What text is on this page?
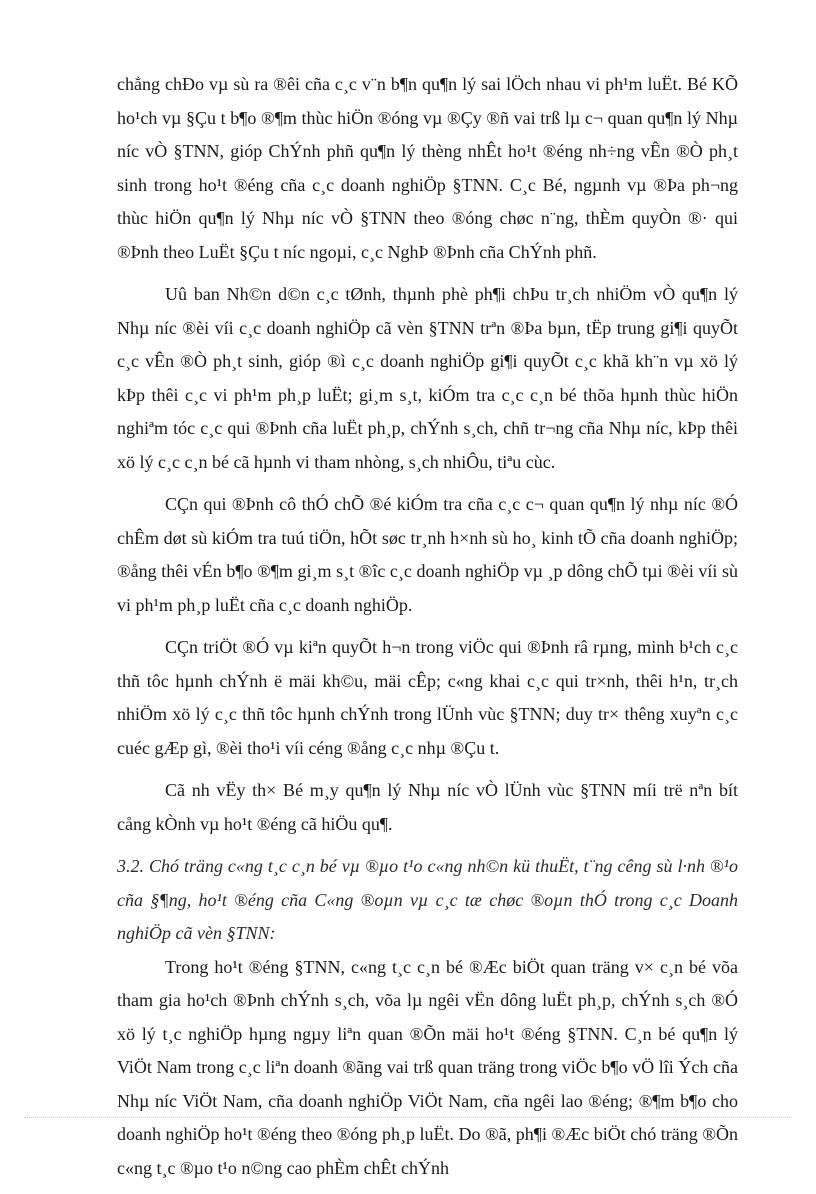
chẳng chÐo vµ sù ra ®êi cña c¸c v¨n b¶n qu¶n lý sai lÖch nhau vi ph¹m luËt. Bé KÕ ho¹ch vµ §Çu t b¶o ®¶m thùc hiÖn ®óng vµ ®Çy ®ñ vai trß lµ c¬ quan qu¶n lý Nhµ níc vÒ §TNN, gióp ChÝnh phñ qu¶n lý thèng nhÊt ho¹t ®éng nh÷ng vÊn ®Ò ph¸t sinh trong ho¹t ®éng cña c¸c doanh nghiÖp §TNN. C¸c Bé, ngµnh vµ ®Þa ph¬ng thùc hiÖn qu¶n lý Nhµ níc vÒ §TNN theo ®óng chøc n¨ng, thÈm quyÒn ®· qui ®Þnh theo LuËt §Çu t níc ngoµi, c¸c NghÞ ®Þnh cña ChÝnh phñ.

Uû ban Nh©n d©n c¸c tØnh, thµnh phè ph¶i chÞu tr¸ch nhiÖm vÒ qu¶n lý Nhµ níc ®èi víi c¸c doanh nghiÖp cã vèn §TNN trªn ®Þa bµn, tËp trung gi¶i quyÕt c¸c vÊn ®Ò ph¸t sinh, gióp ®ì c¸c doanh nghiÖp gi¶i quyÕt c¸c khã kh¨n vµ xö lý kÞp thêi c¸c vi ph¹m ph¸p luËt; gi¸m s¸t, kiÓm tra c¸c c¸n bé thõa hµnh thùc hiÖn nghiªm tóc c¸c qui ®Þnh cña luËt ph¸p, chÝnh s¸ch, chñ tr¬ng cña Nhµ níc, kÞp thêi xö lý c¸c c¸n bé cã hµnh vi tham nhòng, s¸ch nhiÔu, tiªu cùc.

CÇn qui ®Þnh cô thÓ chÕ ®é kiÓm tra cña c¸c c¬ quan qu¶n lý nhµ níc ®Ó chÊm døt sù kiÓm tra tuú tiÖn, hÕt søc tr¸nh h×nh sù ho¸ kinh tÕ cña doanh nghiÖp; ®ång thêi vÉn b¶o ®¶m gi¸m s¸t ®îc c¸c doanh nghiÖp vµ ¸p dông chÕ tµi ®èi víi sù vi ph¹m ph¸p luËt cña c¸c doanh nghiÖp.

CÇn triÖt ®Ó vµ kiªn quyÕt h¬n trong viÖc qui ®Þnh râ rµng, minh b¹ch c¸c thñ tôc hµnh chÝnh ë mäi kh©u, mäi cÊp; c«ng khai c¸c qui tr×nh, thêi h¹n, tr¸ch nhiÖm xö lý c¸c thñ tôc hµnh chÝnh trong lÜnh vùc §TNN; duy tr× thêng xuyªn c¸c cuéc gÆp gì, ®èi tho¹i víi céng ®ång c¸c nhµ ®Çu t.

Cã nh vËy th× Bé m¸y qu¶n lý Nhµ níc vÒ lÜnh vùc §TNN míi trë nªn bít cång kÒnh vµ ho¹t ®éng cã hiÖu qu¶.

3.2. Chó träng c«ng t¸c c¸n bé vµ ®µo t¹o c«ng nh©n kü thuËt, t¨ng cêng sù l·nh ®¹o cña §¶ng, ho¹t ®éng cña C«ng ®oµn vµ c¸c tæ chøc ®oµn thÓ trong c¸c Doanh nghiÖp cã vèn §TNN:

Trong ho¹t ®éng §TNN, c«ng t¸c c¸n bé ®Æc biÖt quan träng v× c¸n bé võa tham gia ho¹ch ®Þnh chÝnh s¸ch, võa lµ ngêi vËn dông luËt ph¸p, chÝnh s¸ch ®Ó xö lý t¸c nghiÖp hµng ngµy liªn quan ®Õn mäi ho¹t ®éng §TNN. C¸n bé qu¶n lý ViÖt Nam trong c¸c liªn doanh ®ãng vai trß quan träng trong viÖc b¶o vÖ lîi Ých cña Nhµ níc ViÖt Nam, cña doanh nghiÖp ViÖt Nam, cña ngêi lao ®éng; ®¶m b¶o cho doanh nghiÖp ho¹t ®éng theo ®óng ph¸p luËt. Do ®ã, ph¶i ®Æc biÖt chó träng ®Õn c«ng t¸c ®µo t¹o n©ng cao phÈm chÊt chÝnh
